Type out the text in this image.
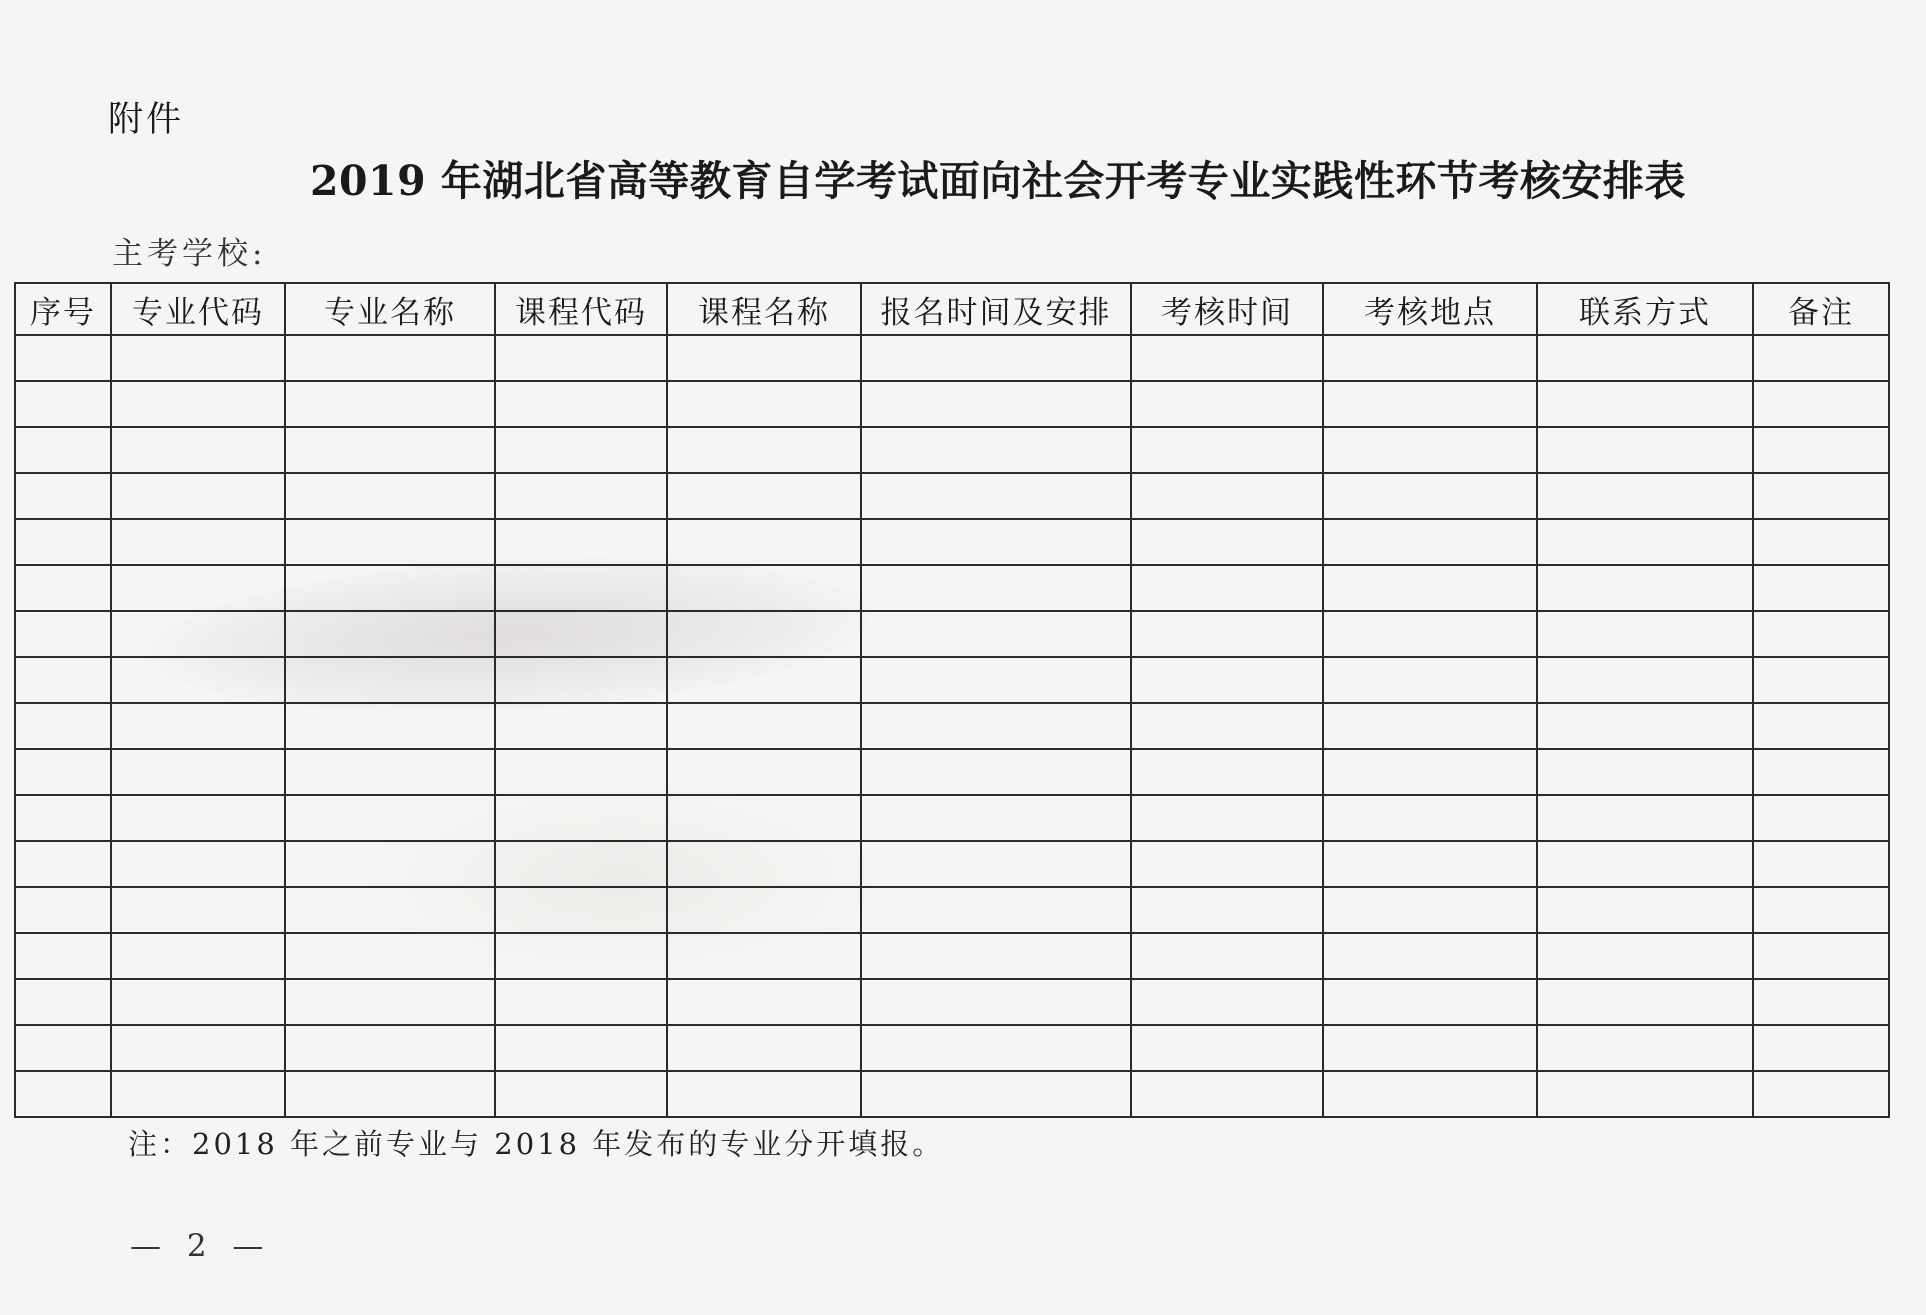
附件
2019 年湖北省高等教育自学考试面向社会开考专业实践性环节考核安排表
主考学校:
序号	专业代码	专业名称	课程代码	课程名称	报名时间及安排	考核时间	考核地点	联系方式	备注

注：2018 年之前专业与 2018 年发布的专业分开填报。
— 2 —
